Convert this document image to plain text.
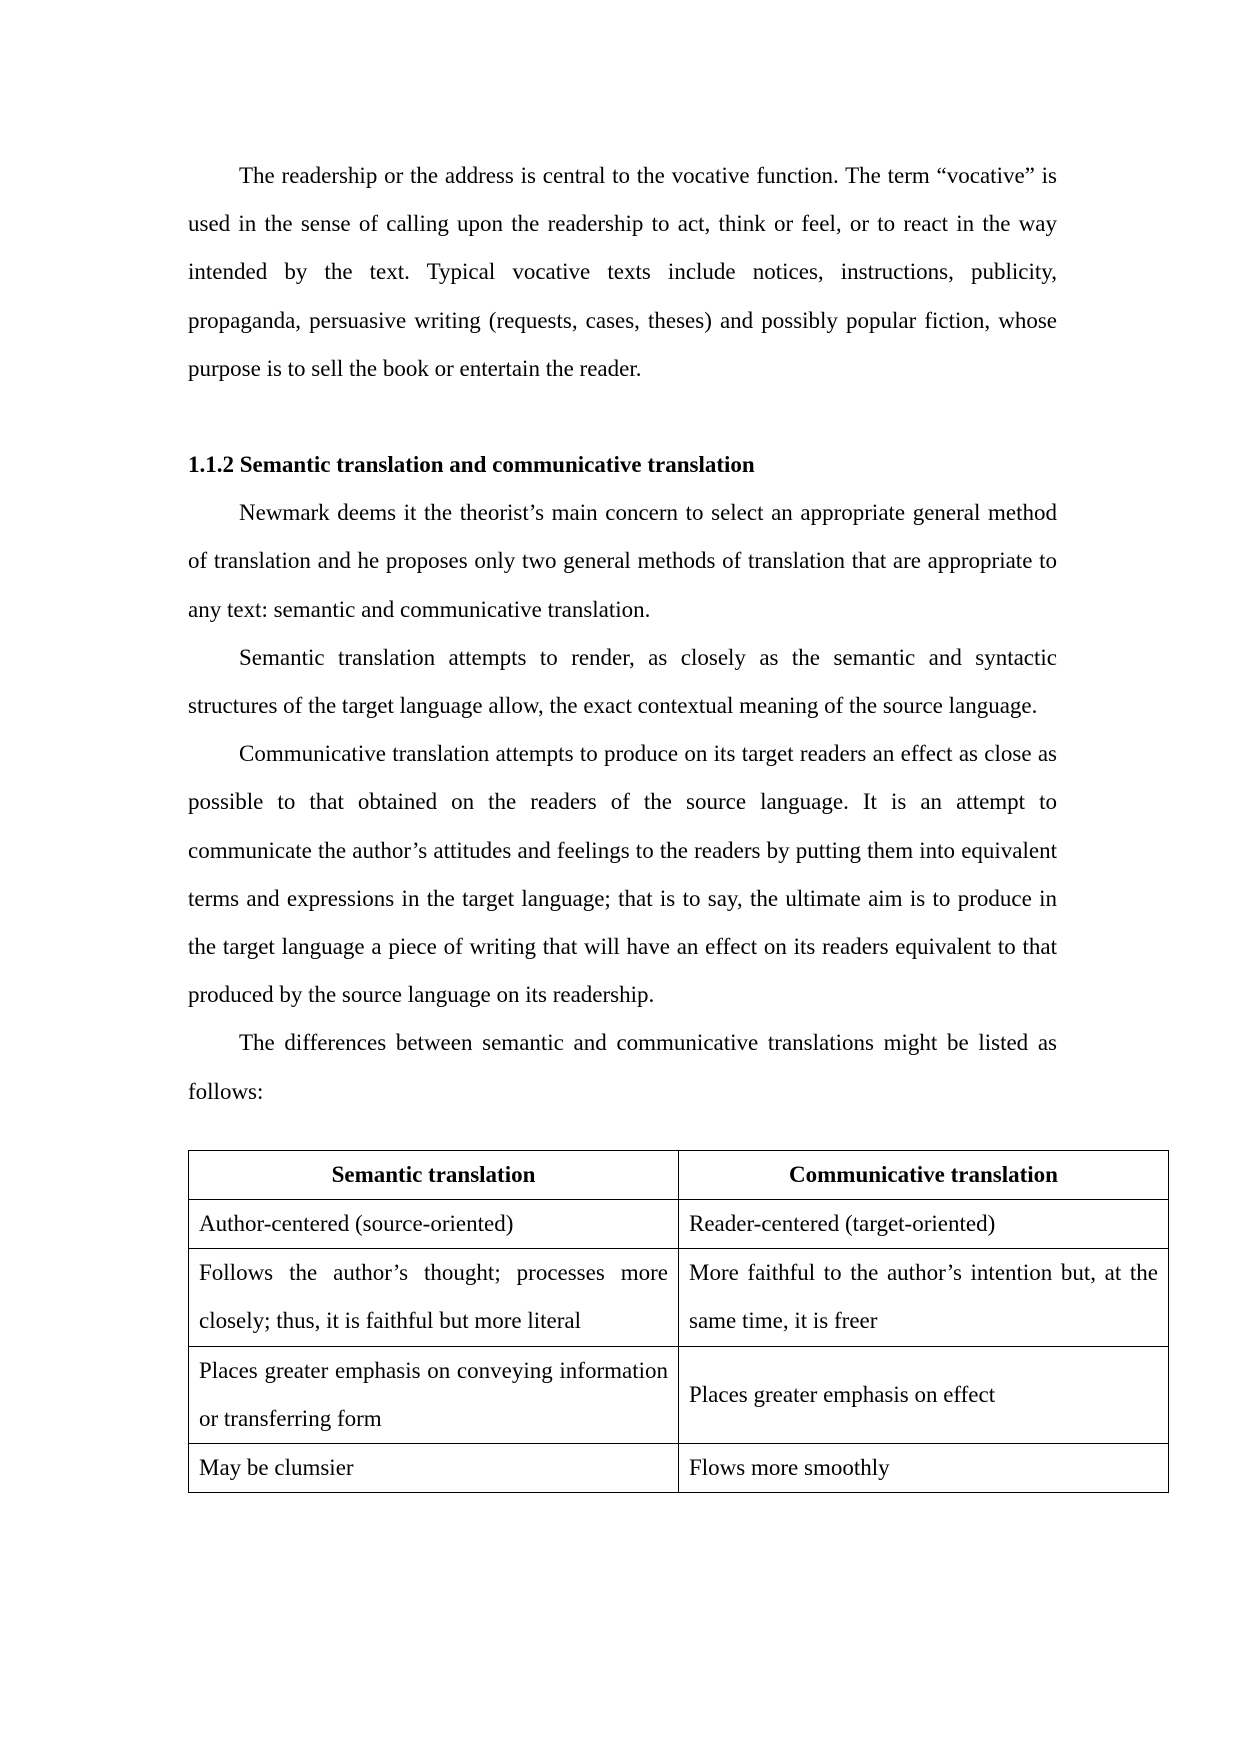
The readership or the address is central to the vocative function. The term “vocative” is used in the sense of calling upon the readership to act, think or feel, or to react in the way intended by the text. Typical vocative texts include notices, instructions, publicity, propaganda, persuasive writing (requests, cases, theses) and possibly popular fiction, whose purpose is to sell the book or entertain the reader.

1.1.2 Semantic translation and communicative translation

Newmark deems it the theorist’s main concern to select an appropriate general method of translation and he proposes only two general methods of translation that are appropriate to any text: semantic and communicative translation.

Semantic translation attempts to render, as closely as the semantic and syntactic structures of the target language allow, the exact contextual meaning of the source language.

Communicative translation attempts to produce on its target readers an effect as close as possible to that obtained on the readers of the source language. It is an attempt to communicate the author’s attitudes and feelings to the readers by putting them into equivalent terms and expressions in the target language; that is to say, the ultimate aim is to produce in the target language a piece of writing that will have an effect on its readers equivalent to that produced by the source language on its readership.

The differences between semantic and communicative translations might be listed as follows:

Semantic translation	Communicative translation
Author-centered (source-oriented)	Reader-centered (target-oriented)
Follows the author’s thought; processes more closely; thus, it is faithful but more literal	More faithful to the author’s intention but, at the same time, it is freer
Places greater emphasis on conveying information or transferring form	Places greater emphasis on effect
May be clumsier	Flows more smoothly
